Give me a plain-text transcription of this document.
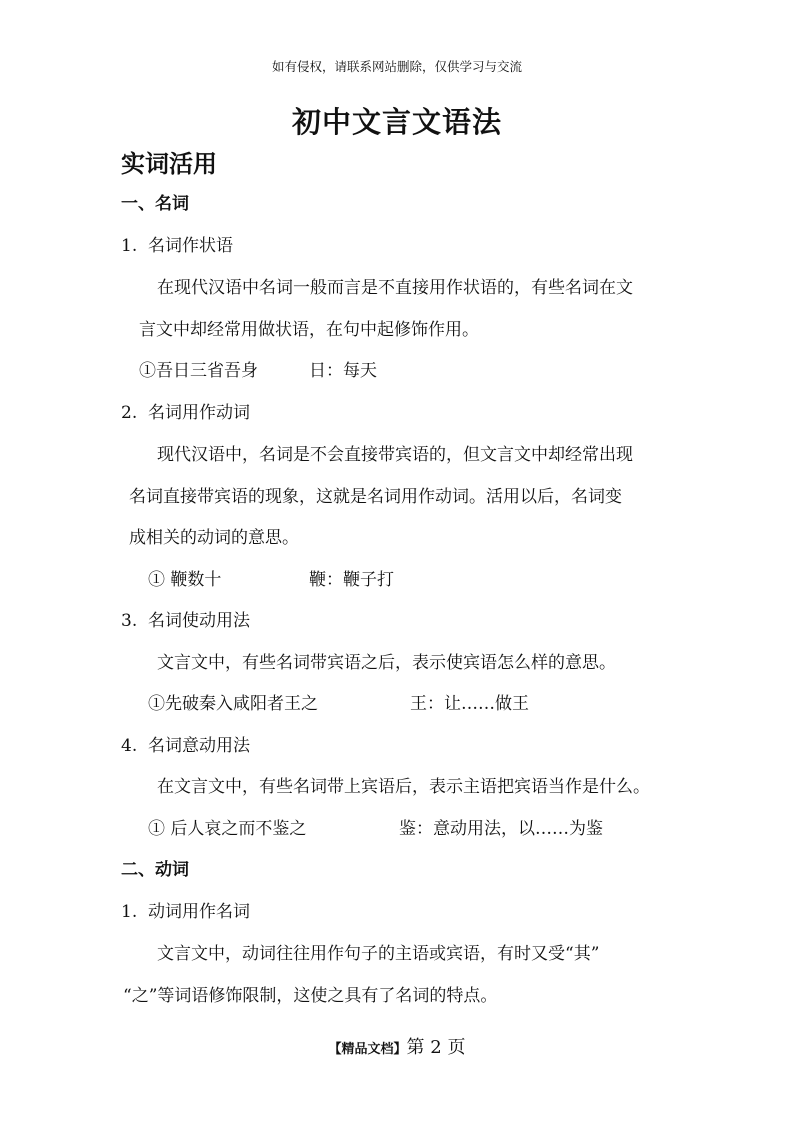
如有侵权，请联系网站删除，仅供学习与交流
初中文言文语法
实词活用
一、名词
1. 名词作状语
在现代汉语中名词一般而言是不直接用作状语的，有些名词在文
言文中却经常用做状语，在句中起修饰作用。
①吾日三省吾身	日：每天
2. 名词用作动词
现代汉语中，名词是不会直接带宾语的，但文言文中却经常出现
名词直接带宾语的现象，这就是名词用作动词。活用以后，名词变
成相关的动词的意思。
① 鞭数十	鞭：鞭子打
3. 名词使动用法
文言文中，有些名词带宾语之后，表示使宾语怎么样的意思。
①先破秦入咸阳者王之	王：让……做王
4. 名词意动用法
在文言文中，有些名词带上宾语后，表示主语把宾语当作是什么。
① 后人哀之而不鉴之	鉴：意动用法，以……为鉴
二、动词
1. 动词用作名词
文言文中，动词往往用作句子的主语或宾语，有时又受“其”
“之”等词语修饰限制，这使之具有了名词的特点。
【精品文档】第 2 页
